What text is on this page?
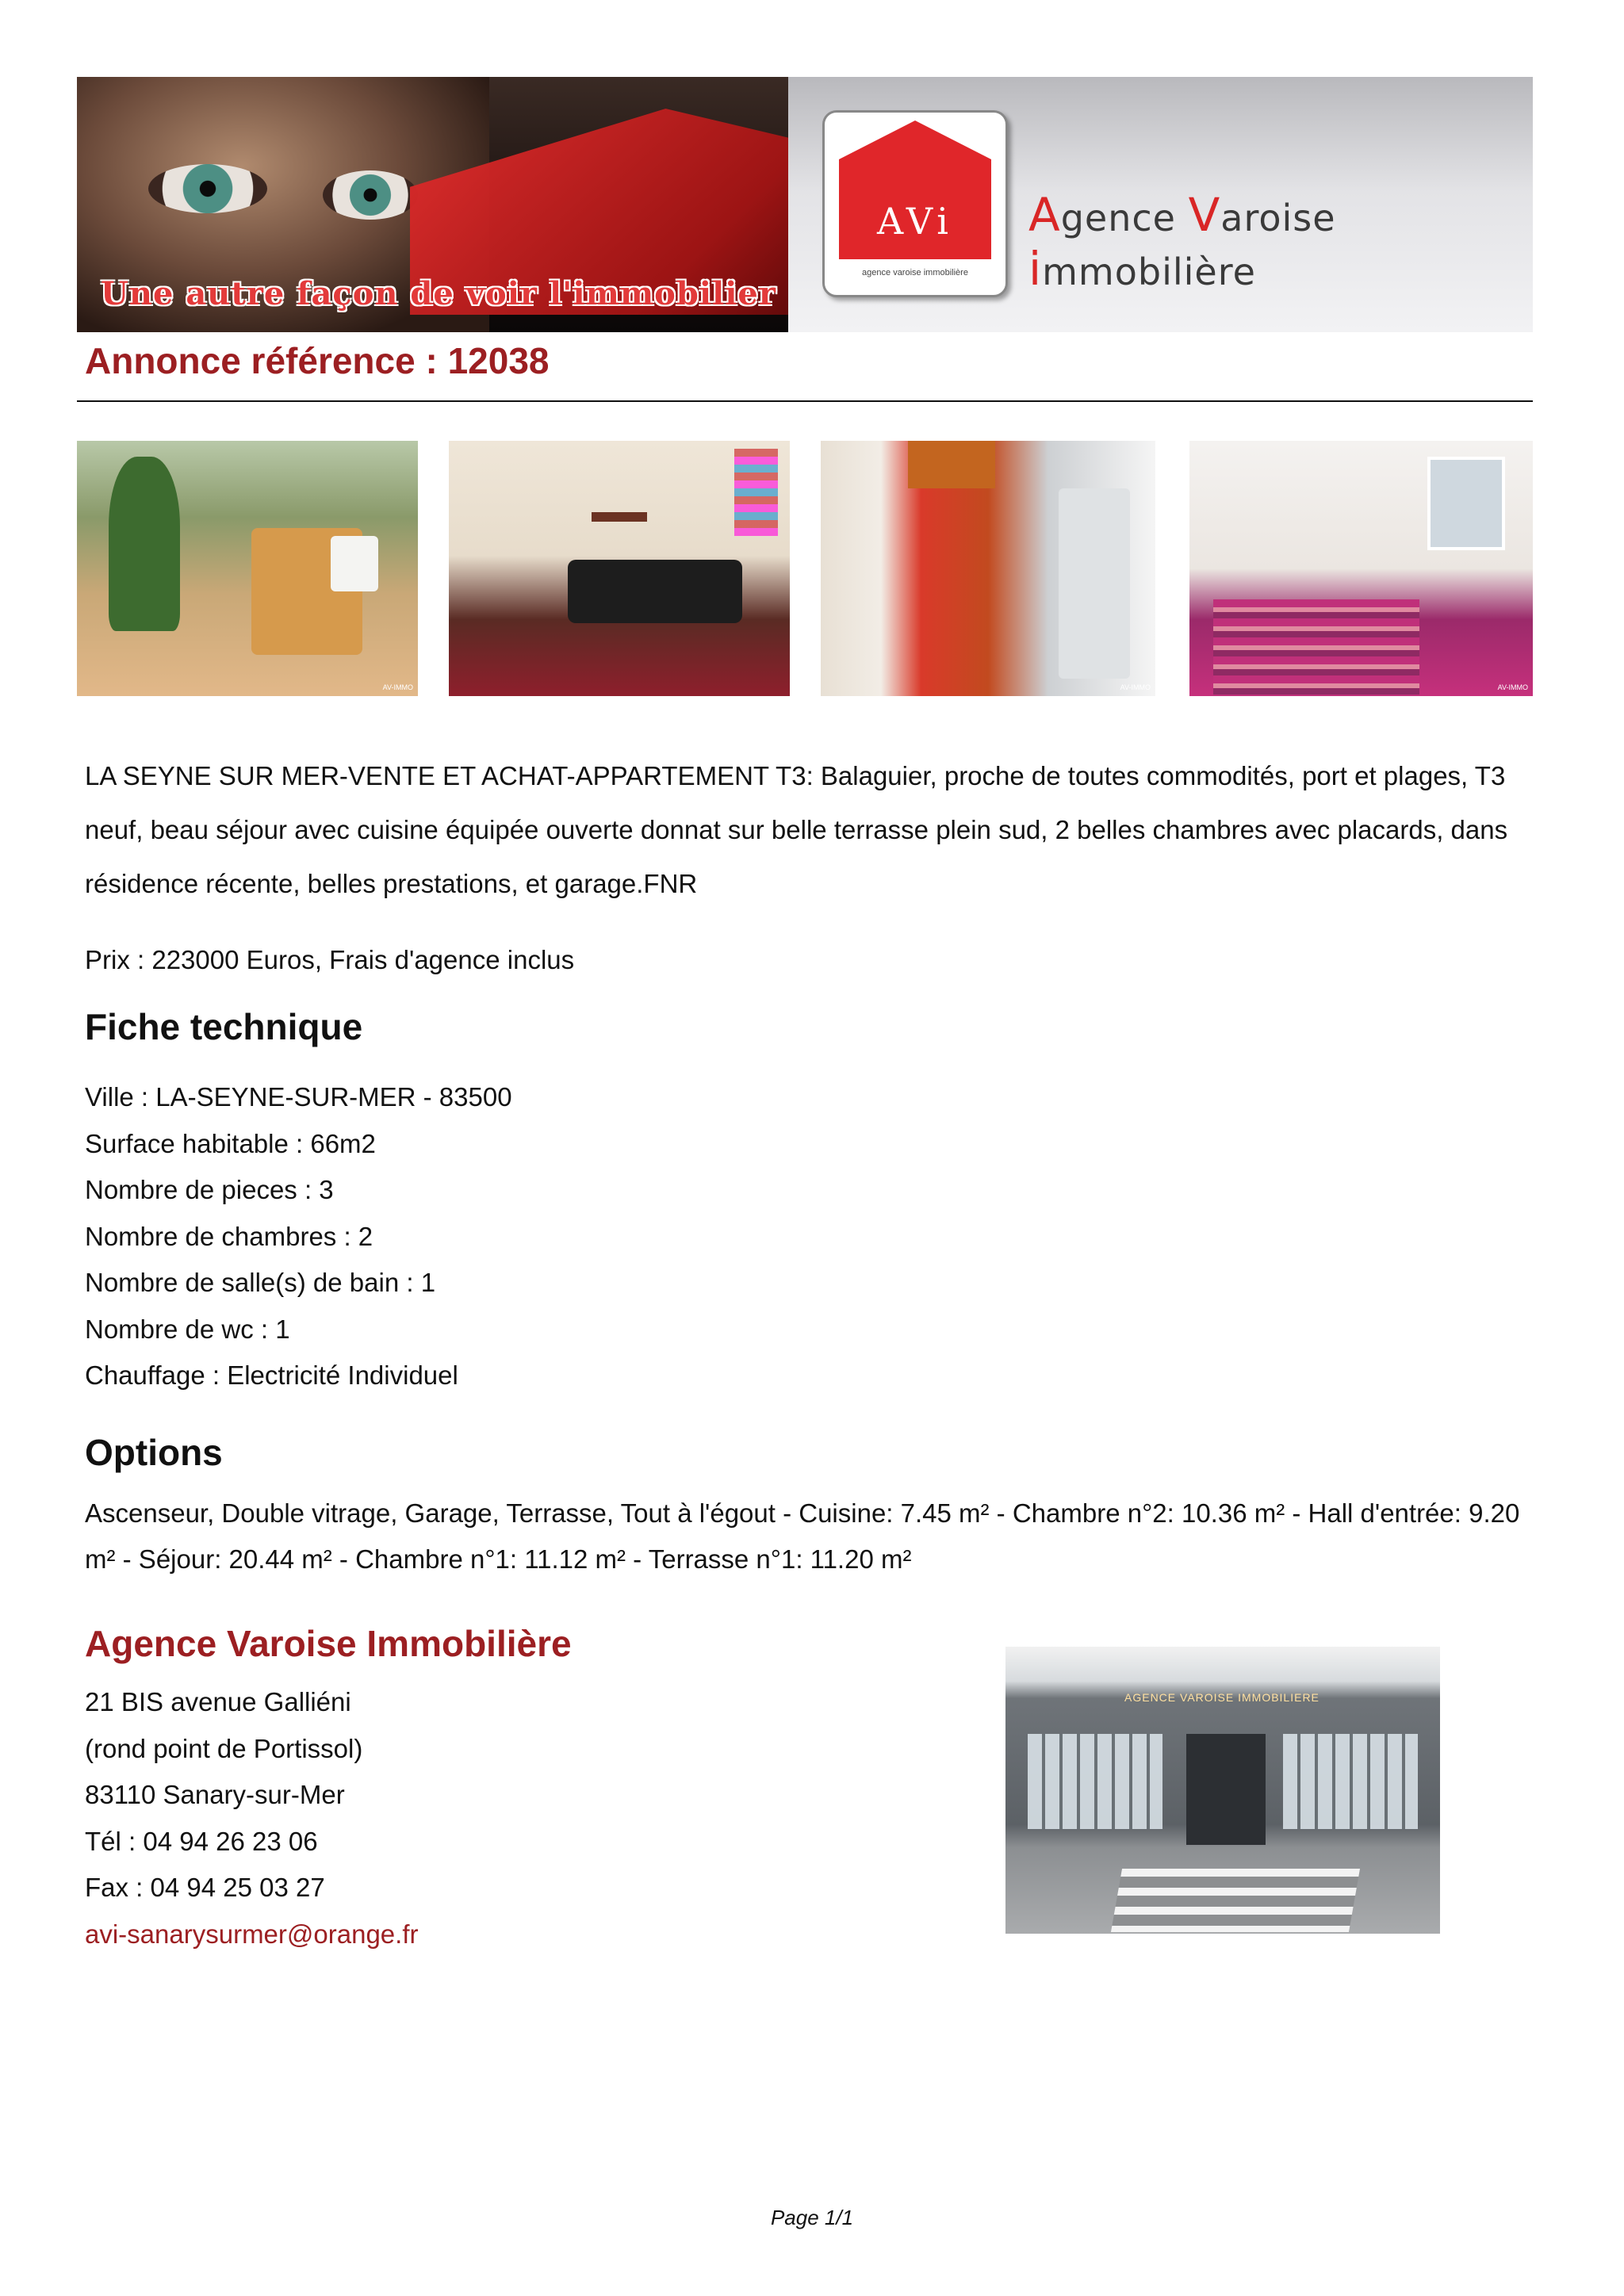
Une autre façon de voir l'immobilier
AVi
agence varoise immobilière
Agence Varoise immobilière
Annonce référence : 12038
AV-IMMO	AV-IMMO	AV-IMMO
LA SEYNE SUR MER-VENTE ET ACHAT-APPARTEMENT T3: Balaguier, proche de toutes commodités, port et plages, T3 neuf, beau séjour avec cuisine équipée ouverte donnat sur belle terrasse plein sud, 2 belles chambres avec placards, dans résidence récente, belles prestations, et garage.FNR
Prix : 223000 Euros, Frais d'agence inclus
Fiche technique
Ville : LA-SEYNE-SUR-MER - 83500
Surface habitable : 66m2
Nombre de pieces : 3
Nombre de chambres : 2
Nombre de salle(s) de bain : 1
Nombre de wc : 1
Chauffage : Electricité Individuel
Options
Ascenseur, Double vitrage, Garage, Terrasse, Tout à l'égout - Cuisine: 7.45 m² - Chambre n°2: 10.36 m² - Hall d'entrée: 9.20 m² - Séjour: 20.44 m² - Chambre n°1: 11.12 m² - Terrasse n°1: 11.20 m²
Agence Varoise Immobilière
21 BIS avenue Galliéni
(rond point de Portissol)
83110 Sanary-sur-Mer
Tél : 04 94 26 23 06
Fax : 04 94 25 03 27
avi-sanarysurmer@orange.fr
AGENCE VAROISE IMMOBILIERE
Page 1/1
